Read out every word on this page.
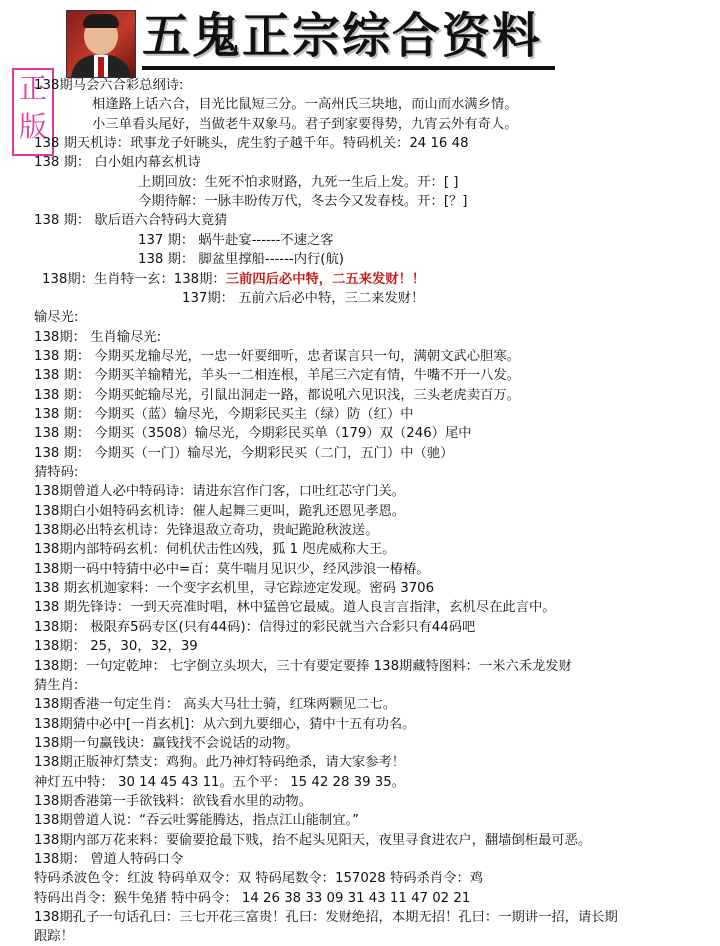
五鬼正宗综合资料
正
版
138期马会六合彩总纲诗:
相逢路上话六合，目光比鼠短三分。一高州氏三块地，而山而水满乡情。
小三单看头尾好，当做老牛双象马。君子到家要得势，九宵云外有奇人。
138 期天机诗：玳事龙子奸眺头，虎生豹子越千年。特码机关：24 16 48
138 期： 白小姐内幕玄机诗
上期回放：生死不怕求财路，九死一生后上发。开：[ ]
今期待解：一脉丰盼传万代，冬去今又发春枝。开：[？]
138 期： 歇后语六合特码大竟猜
137 期： 蜗牛赴宴------不速之客
138 期： 脚盆里撑船------内行(航)
138期：生肖特一玄：138期：三前四后必中特，二五来发财！！
137期： 五前六后必中特，三二来发财！
输尽光:
138期： 生肖输尽光:
138 期： 今期买龙输尽光，一忠一奸要细听，忠者谋言只一句，满朝文武心胆寒。
138 期： 今期买羊输精光，羊头一二相连根，羊尾三六定有情，牛嘴不开一八发。
138 期： 今期买蛇输尽光，引鼠出洞走一路，都说吼六见识浅，三头老虎卖百万。
138 期： 今期买（蓝）输尽光，今期彩民买主（绿）防（红）中
138 期： 今期买（3508）输尽光，今期彩民买单（179）双（246）尾中
138 期： 今期买（一门）输尽光，今期彩民买（二门，五门）中（驰）
猜特码:
138期曾道人必中特码诗：请进东宫作门客，口吐红芯守门关。
138期白小姐特码玄机诗：催人起舞三更叫，跪乳还恩见孝恩。
138期必出特玄机诗：先锋退敌立奇功，贵屺跪跄秋波送。
138期内部特码玄机：伺机伏击性凶残，狐 1 咫虎威称大王。
138期一码中特猜中必中=百：莫牛喘月见识少，经风涉浪一椿椿。
138 期玄机迦家料：一个变字玄机里，寻它踪迹定发现。密码 3706
138 期先锋诗：一到天亮准时唱，林中猛兽它最威。道人良言言指津，玄机尽在此言中。
138期： 极限弃5码专区(只有44码)：信得过的彩民就当六合彩只有44码吧
138期： 25，30，32，39
138期：一句定乾坤： 七字倒立头坝大，三十有要定要捧 138期藏特图料：一米六禾龙发财
猜生肖:
138期香港一句定生肖： 高头大马壮士骑，红珠两颗见二七。
138期猜中必中[一肖玄机]：从六到九要细心，猜中十五有功名。
138期一句赢钱诀：赢钱找不会说话的动物。
138期正版神灯禁支：鸡狗。此乃神灯特码绝杀，请大家参考！
神灯五中特： 30 14 45 43 11。五个平： 15 42 28 39 35。
138期香港第一手欲钱料：欲钱看水里的动物。
138期曾道人说：“吞云吐雾能腾达，指点江山能制宜。”
138期内部万花来料：要偷要抢最下贱，抬不起头见阳天，夜里寻食进农户，翻墙倒柜最可恶。
138期： 曾道人特码口令
特码杀波色令：红波 特码单双令：双 特码尾数令：157028 特码杀肖令：鸡
特码出肖令：猴牛兔猪 特中码令： 14 26 38 33 09 31 43 11 47 02 21
138期孔子一句话孔曰：三七开花三富贵！孔曰：发财绝招，本期无招！孔曰：一期讲一招，请长期
跟踪！
